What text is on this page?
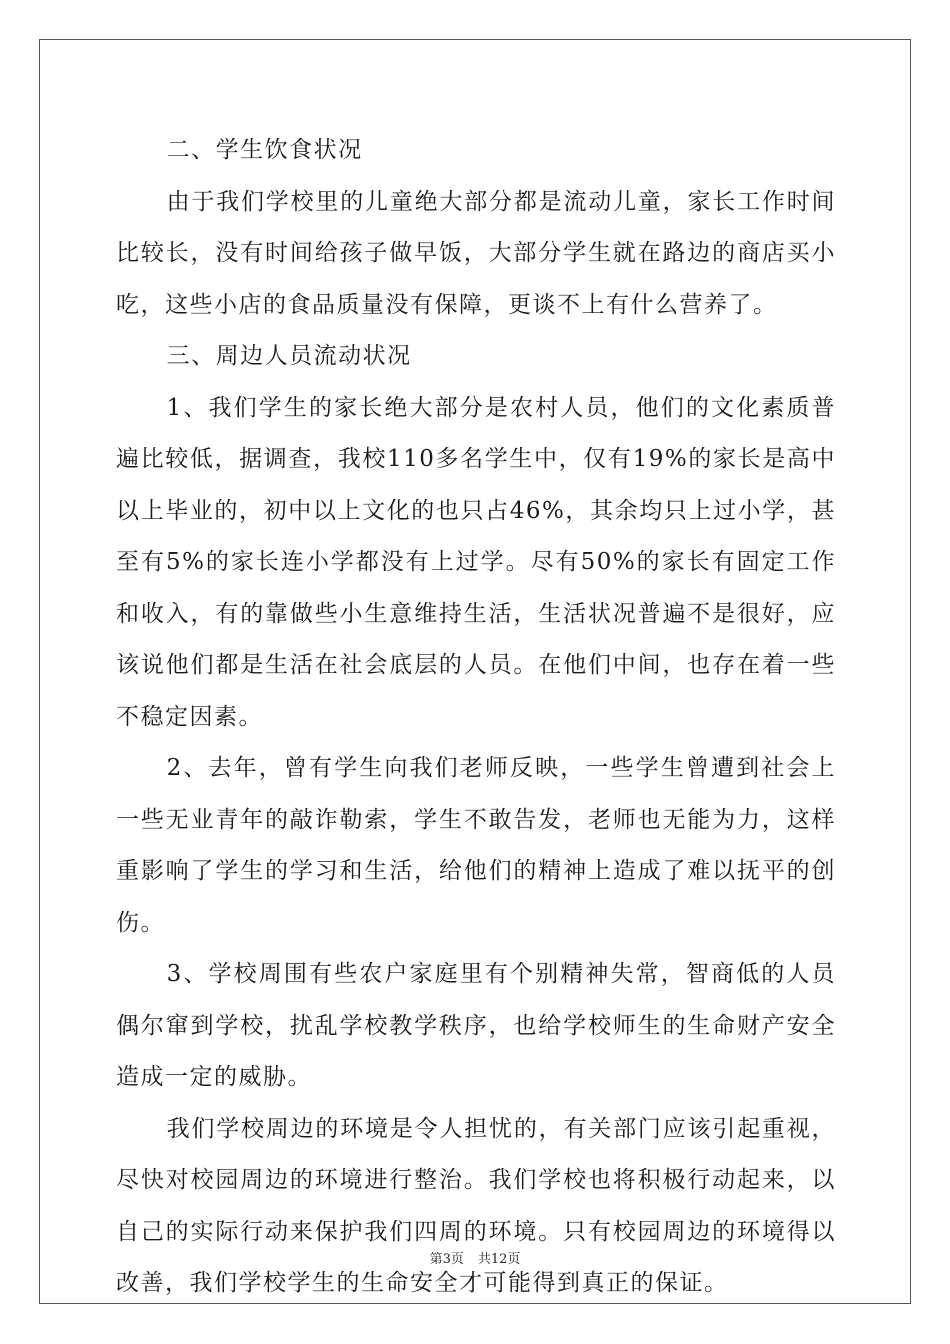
二、学生饮食状况

由于我们学校里的儿童绝大部分都是流动儿童，家长工作时间比较长，没有时间给孩子做早饭，大部分学生就在路边的商店买小吃，这些小店的食品质量没有保障，更谈不上有什么营养了。

三、周边人员流动状况

1、我们学生的家长绝大部分是农村人员，他们的文化素质普遍比较低，据调查，我校110多名学生中，仅有19%的家长是高中以上毕业的，初中以上文化的也只占46%，其余均只上过小学，甚至有5%的家长连小学都没有上过学。尽有50%的家长有固定工作和收入，有的靠做些小生意维持生活，生活状况普遍不是很好，应该说他们都是生活在社会底层的人员。在他们中间，也存在着一些不稳定因素。

2、去年，曾有学生向我们老师反映，一些学生曾遭到社会上一些无业青年的敲诈勒索，学生不敢告发，老师也无能为力，这样重影响了学生的学习和生活，给他们的精神上造成了难以抚平的创伤。

3、学校周围有些农户家庭里有个别精神失常，智商低的人员偶尔窜到学校，扰乱学校教学秩序，也给学校师生的生命财产安全造成一定的威胁。

我们学校周边的环境是令人担忧的，有关部门应该引起重视，尽快对校园周边的环境进行整治。我们学校也将积极行动起来，以自己的实际行动来保护我们四周的环境。只有校园周边的环境得以改善，我们学校学生的生命安全才可能得到真正的保证。

第3页 共12页
